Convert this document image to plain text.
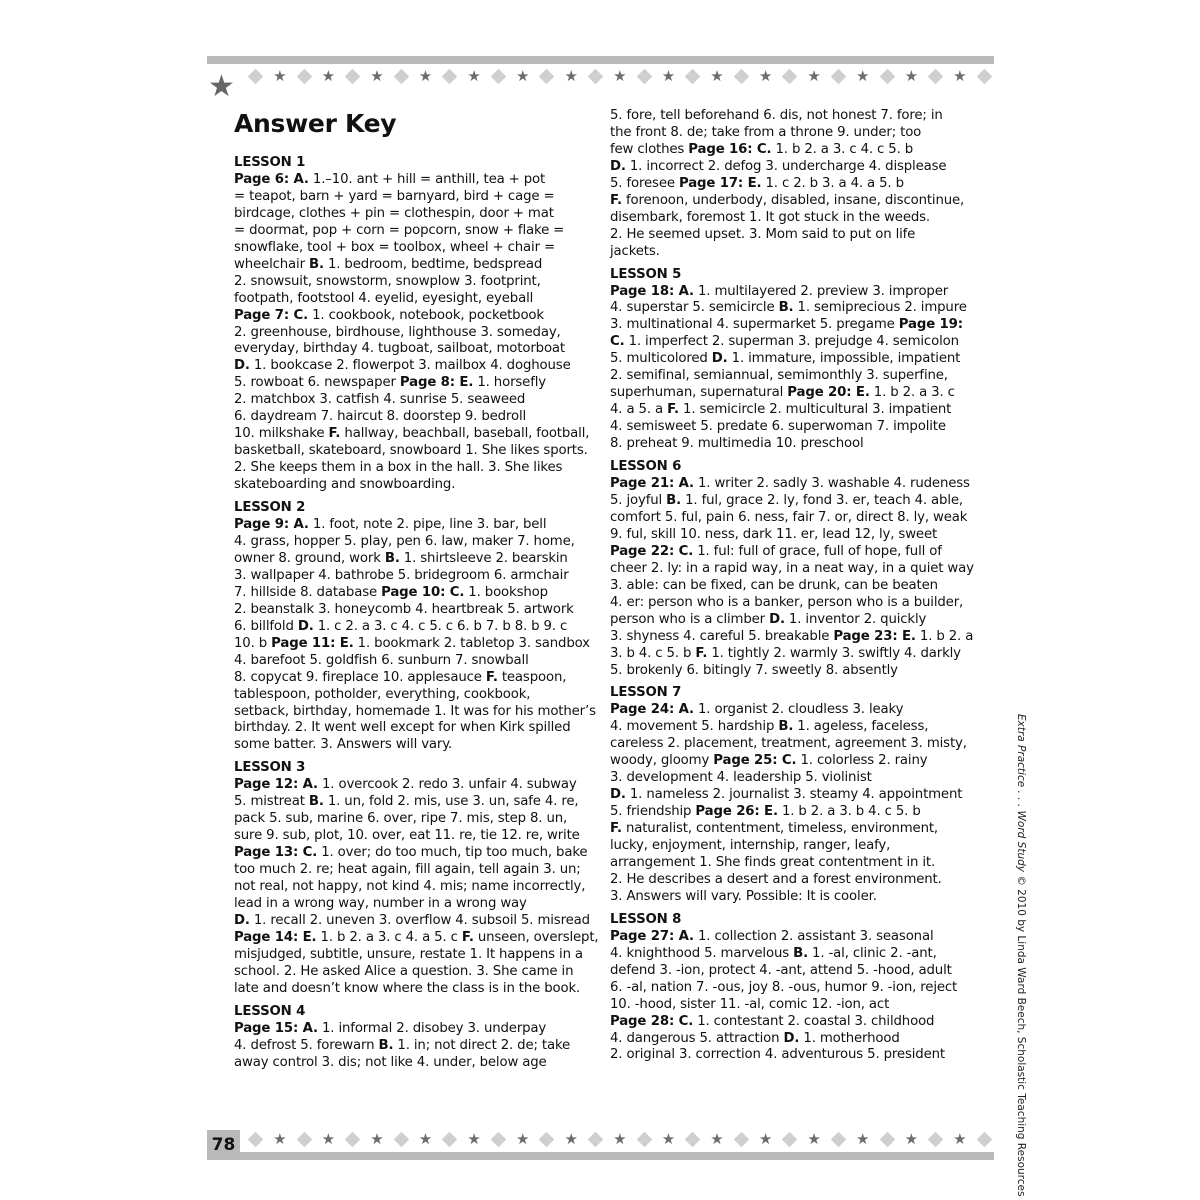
★ ★ ★ ★ ★ ★ ★ ★ ★ ★ ★ ★ ★ ★ ★
★
Answer Key
LESSON 1
Page 6: A. 1.–10. ant + hill = anthill, tea + pot
= teapot, barn + yard = barnyard, bird + cage =
birdcage, clothes + pin = clothespin, door + mat
= doormat, pop + corn = popcorn, snow + flake =
snowflake, tool + box = toolbox, wheel + chair =
wheelchair B. 1. bedroom, bedtime, bedspread
2. snowsuit, snowstorm, snowplow 3. footprint,
footpath, footstool 4. eyelid, eyesight, eyeball
Page 7: C. 1. cookbook, notebook, pocketbook
2. greenhouse, birdhouse, lighthouse 3. someday,
everyday, birthday 4. tugboat, sailboat, motorboat
D. 1. bookcase 2. flowerpot 3. mailbox 4. doghouse
5. rowboat 6. newspaper Page 8: E. 1. horsefly
2. matchbox 3. catfish 4. sunrise 5. seaweed
6. daydream 7. haircut 8. doorstep 9. bedroll
10. milkshake F. hallway, beachball, baseball, football,
basketball, skateboard, snowboard 1. She likes sports.
2. She keeps them in a box in the hall. 3. She likes
skateboarding and snowboarding.
LESSON 2
Page 9: A. 1. foot, note 2. pipe, line 3. bar, bell
4. grass, hopper 5. play, pen 6. law, maker 7. home,
owner 8. ground, work B. 1. shirtsleeve 2. bearskin
3. wallpaper 4. bathrobe 5. bridegroom 6. armchair
7. hillside 8. database Page 10: C. 1. bookshop
2. beanstalk 3. honeycomb 4. heartbreak 5. artwork
6. billfold D. 1. c 2. a 3. c 4. c 5. c 6. b 7. b 8. b 9. c
10. b Page 11: E. 1. bookmark 2. tabletop 3. sandbox
4. barefoot 5. goldfish 6. sunburn 7. snowball
8. copycat 9. fireplace 10. applesauce F. teaspoon,
tablespoon, potholder, everything, cookbook,
setback, birthday, homemade 1. It was for his mother’s
birthday. 2. It went well except for when Kirk spilled
some batter. 3. Answers will vary.
LESSON 3
Page 12: A. 1. overcook 2. redo 3. unfair 4. subway
5. mistreat B. 1. un, fold 2. mis, use 3. un, safe 4. re,
pack 5. sub, marine 6. over, ripe 7. mis, step 8. un,
sure 9. sub, plot, 10. over, eat 11. re, tie 12. re, write
Page 13: C. 1. over; do too much, tip too much, bake
too much 2. re; heat again, fill again, tell again 3. un;
not real, not happy, not kind 4. mis; name incorrectly,
lead in a wrong way, number in a wrong way
D. 1. recall 2. uneven 3. overflow 4. subsoil 5. misread
Page 14: E. 1. b 2. a 3. c 4. a 5. c F. unseen, overslept,
misjudged, subtitle, unsure, restate 1. It happens in a
school. 2. He asked Alice a question. 3. She came in
late and doesn’t know where the class is in the book.
LESSON 4
Page 15: A. 1. informal 2. disobey 3. underpay
4. defrost 5. forewarn B. 1. in; not direct 2. de; take
away control 3. dis; not like 4. under, below age
5. fore, tell beforehand 6. dis, not honest 7. fore; in
the front 8. de; take from a throne 9. under; too
few clothes Page 16: C. 1. b 2. a 3. c 4. c 5. b
D. 1. incorrect 2. defog 3. undercharge 4. displease
5. foresee Page 17: E. 1. c 2. b 3. a 4. a 5. b
F. forenoon, underbody, disabled, insane, discontinue,
disembark, foremost 1. It got stuck in the weeds.
2. He seemed upset. 3. Mom said to put on life
jackets.
LESSON 5
Page 18: A. 1. multilayered 2. preview 3. improper
4. superstar 5. semicircle B. 1. semiprecious 2. impure
3. multinational 4. supermarket 5. pregame Page 19:
C. 1. imperfect 2. superman 3. prejudge 4. semicolon
5. multicolored D. 1. immature, impossible, impatient
2. semifinal, semiannual, semimonthly 3. superfine,
superhuman, supernatural Page 20: E. 1. b 2. a 3. c
4. a 5. a F. 1. semicircle 2. multicultural 3. impatient
4. semisweet 5. predate 6. superwoman 7. impolite
8. preheat 9. multimedia 10. preschool
LESSON 6
Page 21: A. 1. writer 2. sadly 3. washable 4. rudeness
5. joyful B. 1. ful, grace 2. ly, fond 3. er, teach 4. able,
comfort 5. ful, pain 6. ness, fair 7. or, direct 8. ly, weak
9. ful, skill 10. ness, dark 11. er, lead 12, ly, sweet
Page 22: C. 1. ful: full of grace, full of hope, full of
cheer 2. ly: in a rapid way, in a neat way, in a quiet way
3. able: can be fixed, can be drunk, can be beaten
4. er: person who is a banker, person who is a builder,
person who is a climber D. 1. inventor 2. quickly
3. shyness 4. careful 5. breakable Page 23: E. 1. b 2. a
3. b 4. c 5. b F. 1. tightly 2. warmly 3. swiftly 4. darkly
5. brokenly 6. bitingly 7. sweetly 8. absently
LESSON 7
Page 24: A. 1. organist 2. cloudless 3. leaky
4. movement 5. hardship B. 1. ageless, faceless,
careless 2. placement, treatment, agreement 3. misty,
woody, gloomy Page 25: C. 1. colorless 2. rainy
3. development 4. leadership 5. violinist
D. 1. nameless 2. journalist 3. steamy 4. appointment
5. friendship Page 26: E. 1. b 2. a 3. b 4. c 5. b
F. naturalist, contentment, timeless, environment,
lucky, enjoyment, internship, ranger, leafy,
arrangement 1. She finds great contentment in it.
2. He describes a desert and a forest environment.
3. Answers will vary. Possible: It is cooler.
LESSON 8
Page 27: A. 1. collection 2. assistant 3. seasonal
4. knighthood 5. marvelous B. 1. -al, clinic 2. -ant,
defend 3. -ion, protect 4. -ant, attend 5. -hood, adult
6. -al, nation 7. -ous, joy 8. -ous, humor 9. -ion, reject
10. -hood, sister 11. -al, comic 12. -ion, act
Page 28: C. 1. contestant 2. coastal 3. childhood
4. dangerous 5. attraction D. 1. motherhood
2. original 3. correction 4. adventurous 5. president
Extra Practice . . . Word Study © 2010 by Linda Ward Beech, Scholastic Teaching Resources
★ ★ ★ ★ ★ ★ ★ ★ ★ ★ ★ ★ ★ ★ ★
78
